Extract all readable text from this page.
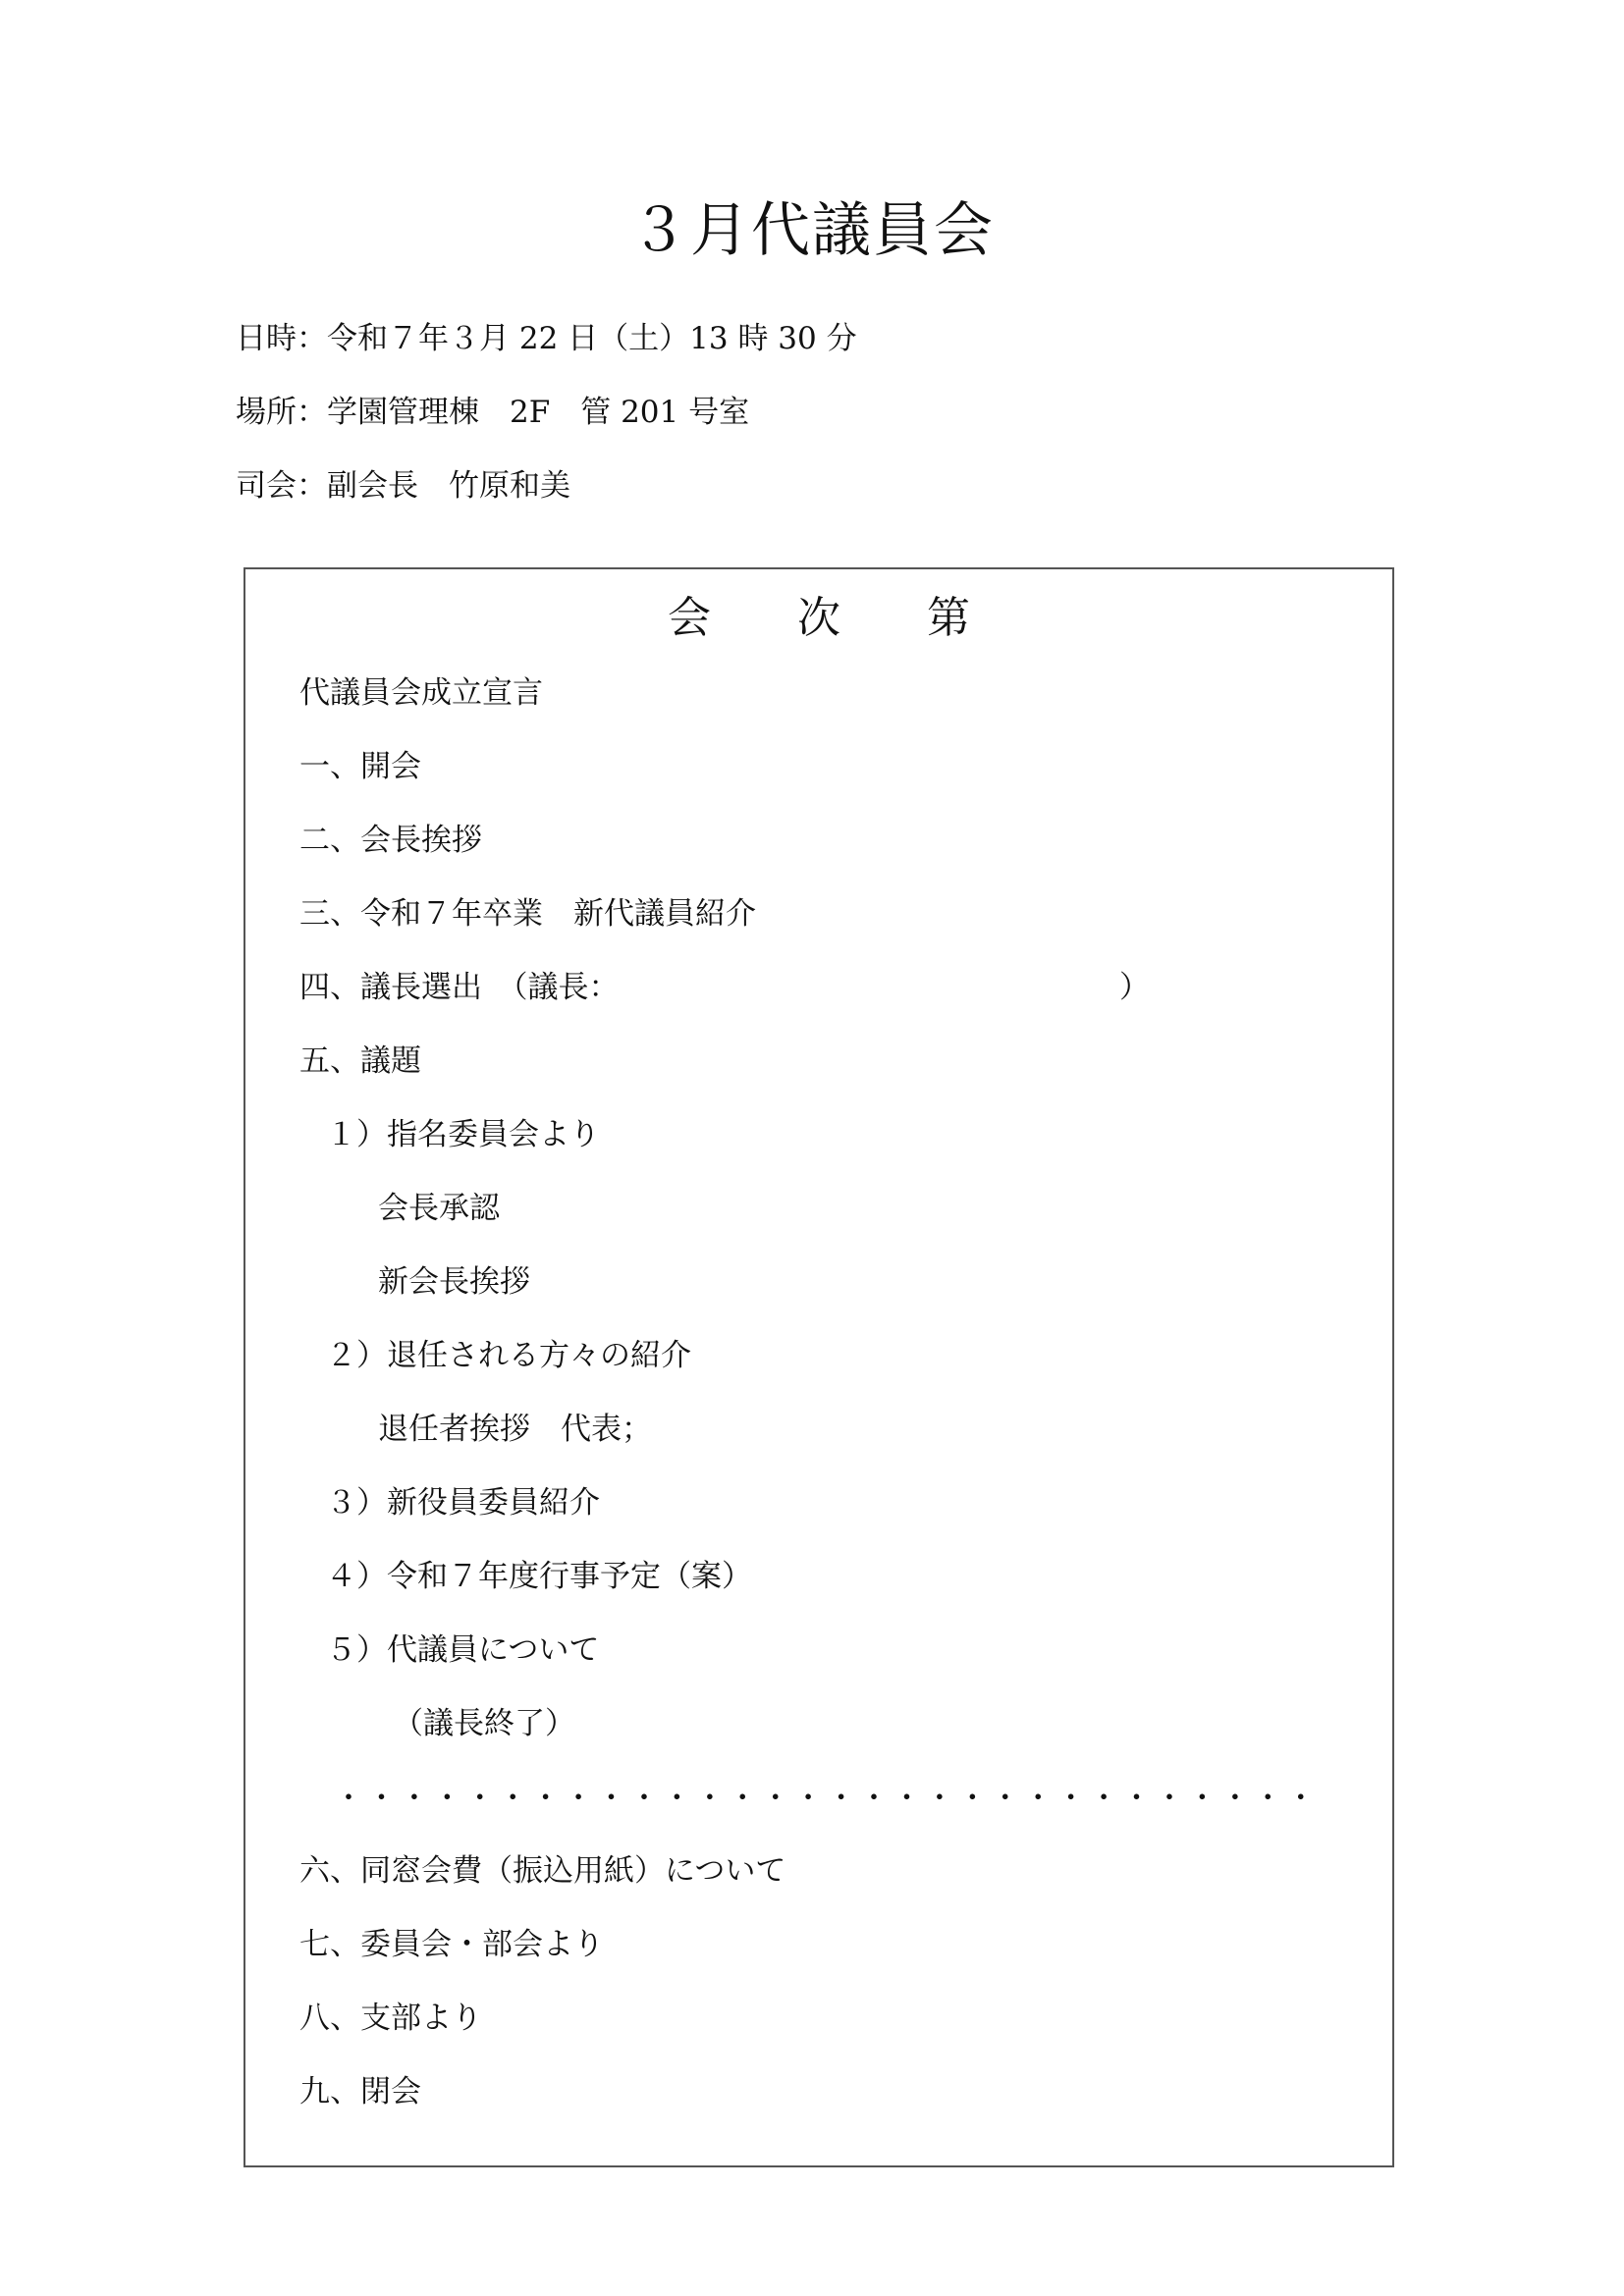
３月代議員会
日時：令和７年３月 22 日（土）13 時 30 分
場所：学園管理棟　2F　管 201 号室
司会：副会長　竹原和美
会　　次　　第
代議員会成立宣言
一、開会
二、会長挨拶
三、令和７年卒業　新代議員紹介
四、議長選出　（議長：	）
五、議題
１）指名委員会より
会長承認
新会長挨拶
２）退任される方々の紹介
退任者挨拶　代表；
３）新役員委員紹介
４）令和７年度行事予定（案）
５）代議員について
（議長終了）
・ ・ ・ ・ ・ ・ ・ ・ ・ ・ ・ ・ ・ ・ ・ ・ ・ ・ ・ ・ ・ ・ ・ ・ ・ ・ ・ ・ ・ ・
六、同窓会費（振込用紙）について
七、委員会・部会より
八、支部より
九、閉会
